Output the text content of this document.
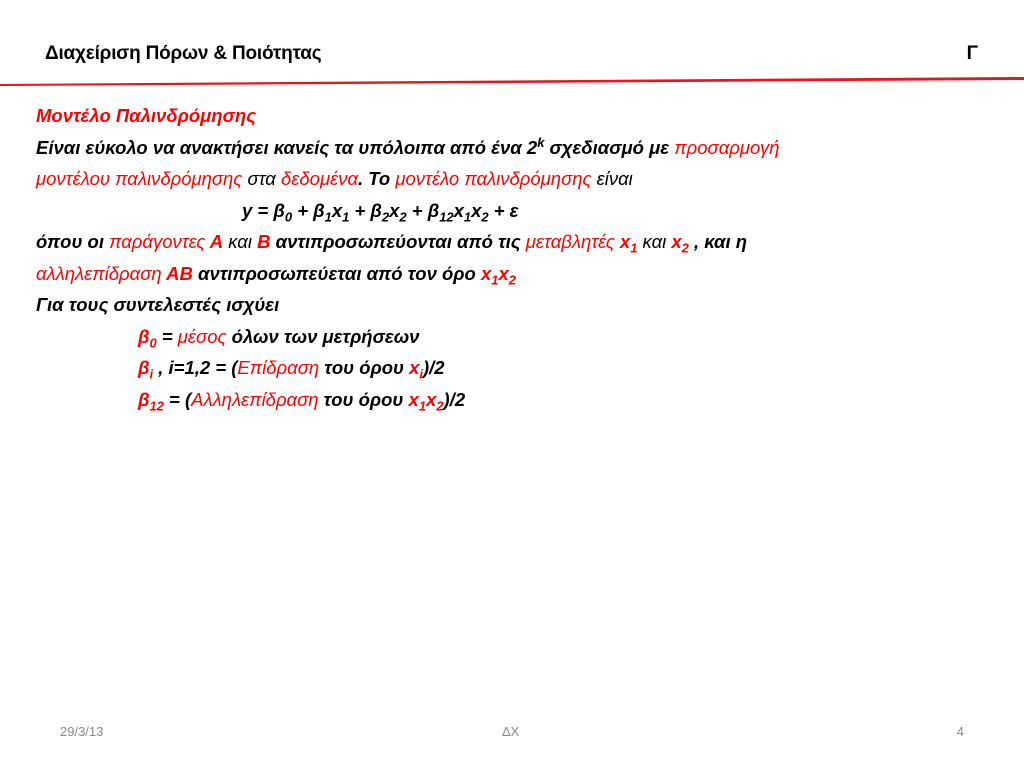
Διαχείριση Πόρων & Ποιότητας	Γ
Μοντέλο Παλινδρόμησης
Είναι εύκολο να ανακτήσει κανείς τα υπόλοιπα από ένα 2$^k$ σχεδιασμό με προσαρμογή
μοντέλου παλινδρόμησης στα δεδομένα. Το μοντέλο παλινδρόμησης είναι
$y = \beta_0 + \beta_1x_1 + \beta_2x_2 + \beta_{12}x_1x_2 + \varepsilon$
όπου οι παράγοντες Α και Β αντιπροσωπεύονται από τις μεταβλητές $x_1$ και $x_2$ , και η
αλληλεπίδραση ΑΒ αντιπροσωπεύεται από τον όρο $x_1x_2$
Για τους συντελεστές ισχύει
$\beta_0 = \mu έ\sigma o\varsigma$ όλων των μετρήσεων
$\beta_i$ , i=1,2 = (Επίδραση του όρου $x_i)/2$
$\beta_{12} = (A\lambda\lambda\eta\lambda\varepsilon\pi ί\delta\rho\alpha\sigma\eta$ του όρου $x_1x_2)/2$
29/3/13	ΔΧ	4
